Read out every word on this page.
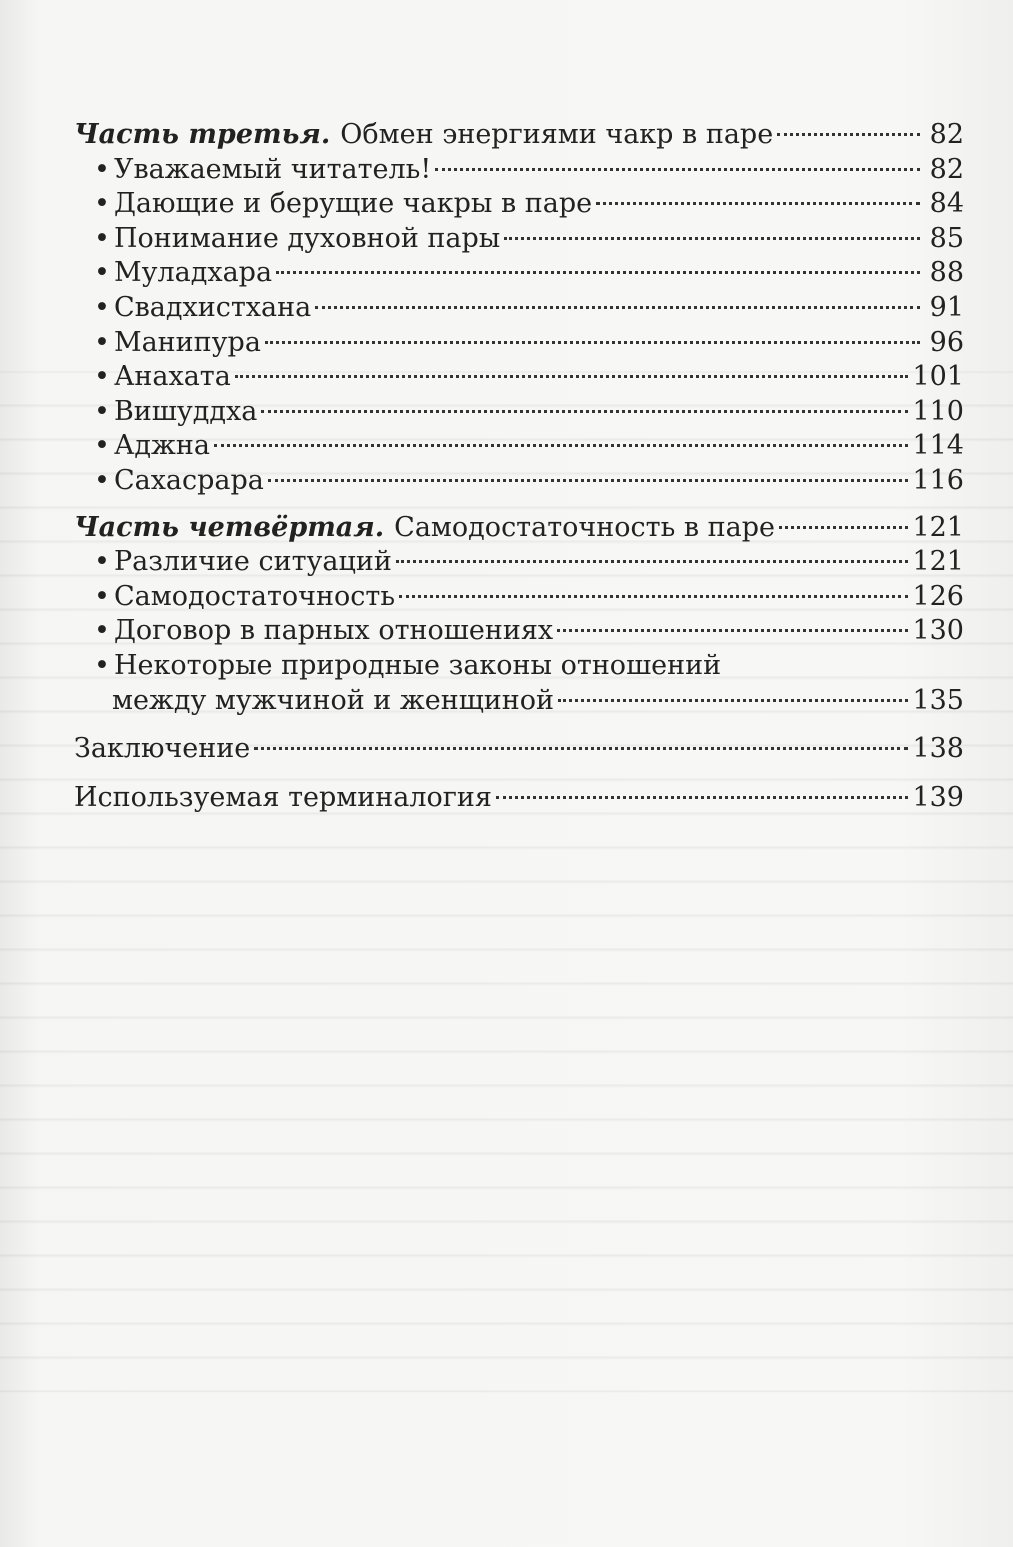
Часть третья. Обмен энергиями чакр в паре	82
• Уважаемый читатель!	82
• Дающие и берущие чакры в паре	84
• Понимание духовной пары	85
• Муладхара	88
• Свадхистхана	91
• Манипура	96
• Анахата	101
• Вишуддха	110
• Аджна	114
• Сахасрара	116
Часть четвёртая. Самодостаточность в паре	121
• Различие ситуаций	121
• Самодостаточность	126
• Договор в парных отношениях	130
• Некоторые природные законы отношений
между мужчиной и женщиной	135
Заключение	138
Используемая терминалогия	139
